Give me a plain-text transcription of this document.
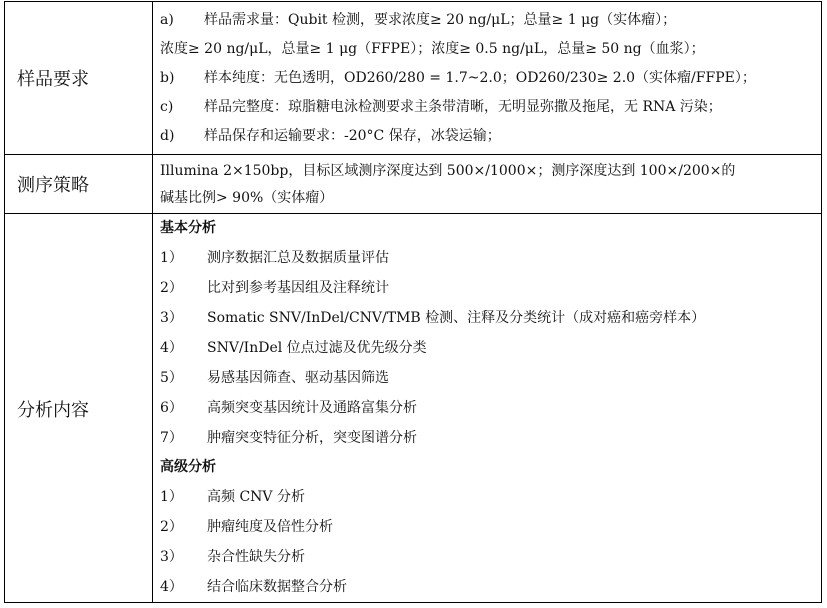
样品要求
a) 样品需求量：Qubit 检测，要求浓度≥ 20 ng/μL；总量≥ 1 μg（实体瘤）；
浓度≥ 20 ng/μL，总量≥ 1 μg（FFPE）；浓度≥ 0.5 ng/μL，总量≥ 50 ng（血浆）；
b) 样本纯度：无色透明，OD260/280 = 1.7~2.0；OD260/230≥ 2.0（实体瘤/FFPE）；
c) 样品完整度：琼脂糖电泳检测要求主条带清晰，无明显弥撒及拖尾，无 RNA 污染；
d) 样品保存和运输要求：-20°C 保存，冰袋运输；
测序策略
Illumina 2×150bp，目标区域测序深度达到 500×/1000×；测序深度达到 100×/200×的
碱基比例> 90%（实体瘤）
分析内容
基本分析
1） 测序数据汇总及数据质量评估
2） 比对到参考基因组及注释统计
3） Somatic SNV/InDel/CNV/TMB 检测、注释及分类统计（成对癌和癌旁样本）
4） SNV/InDel 位点过滤及优先级分类
5） 易感基因筛查、驱动基因筛选
6） 高频突变基因统计及通路富集分析
7） 肿瘤突变特征分析，突变图谱分析
高级分析
1） 高频 CNV 分析
2） 肿瘤纯度及倍性分析
3） 杂合性缺失分析
4） 结合临床数据整合分析
